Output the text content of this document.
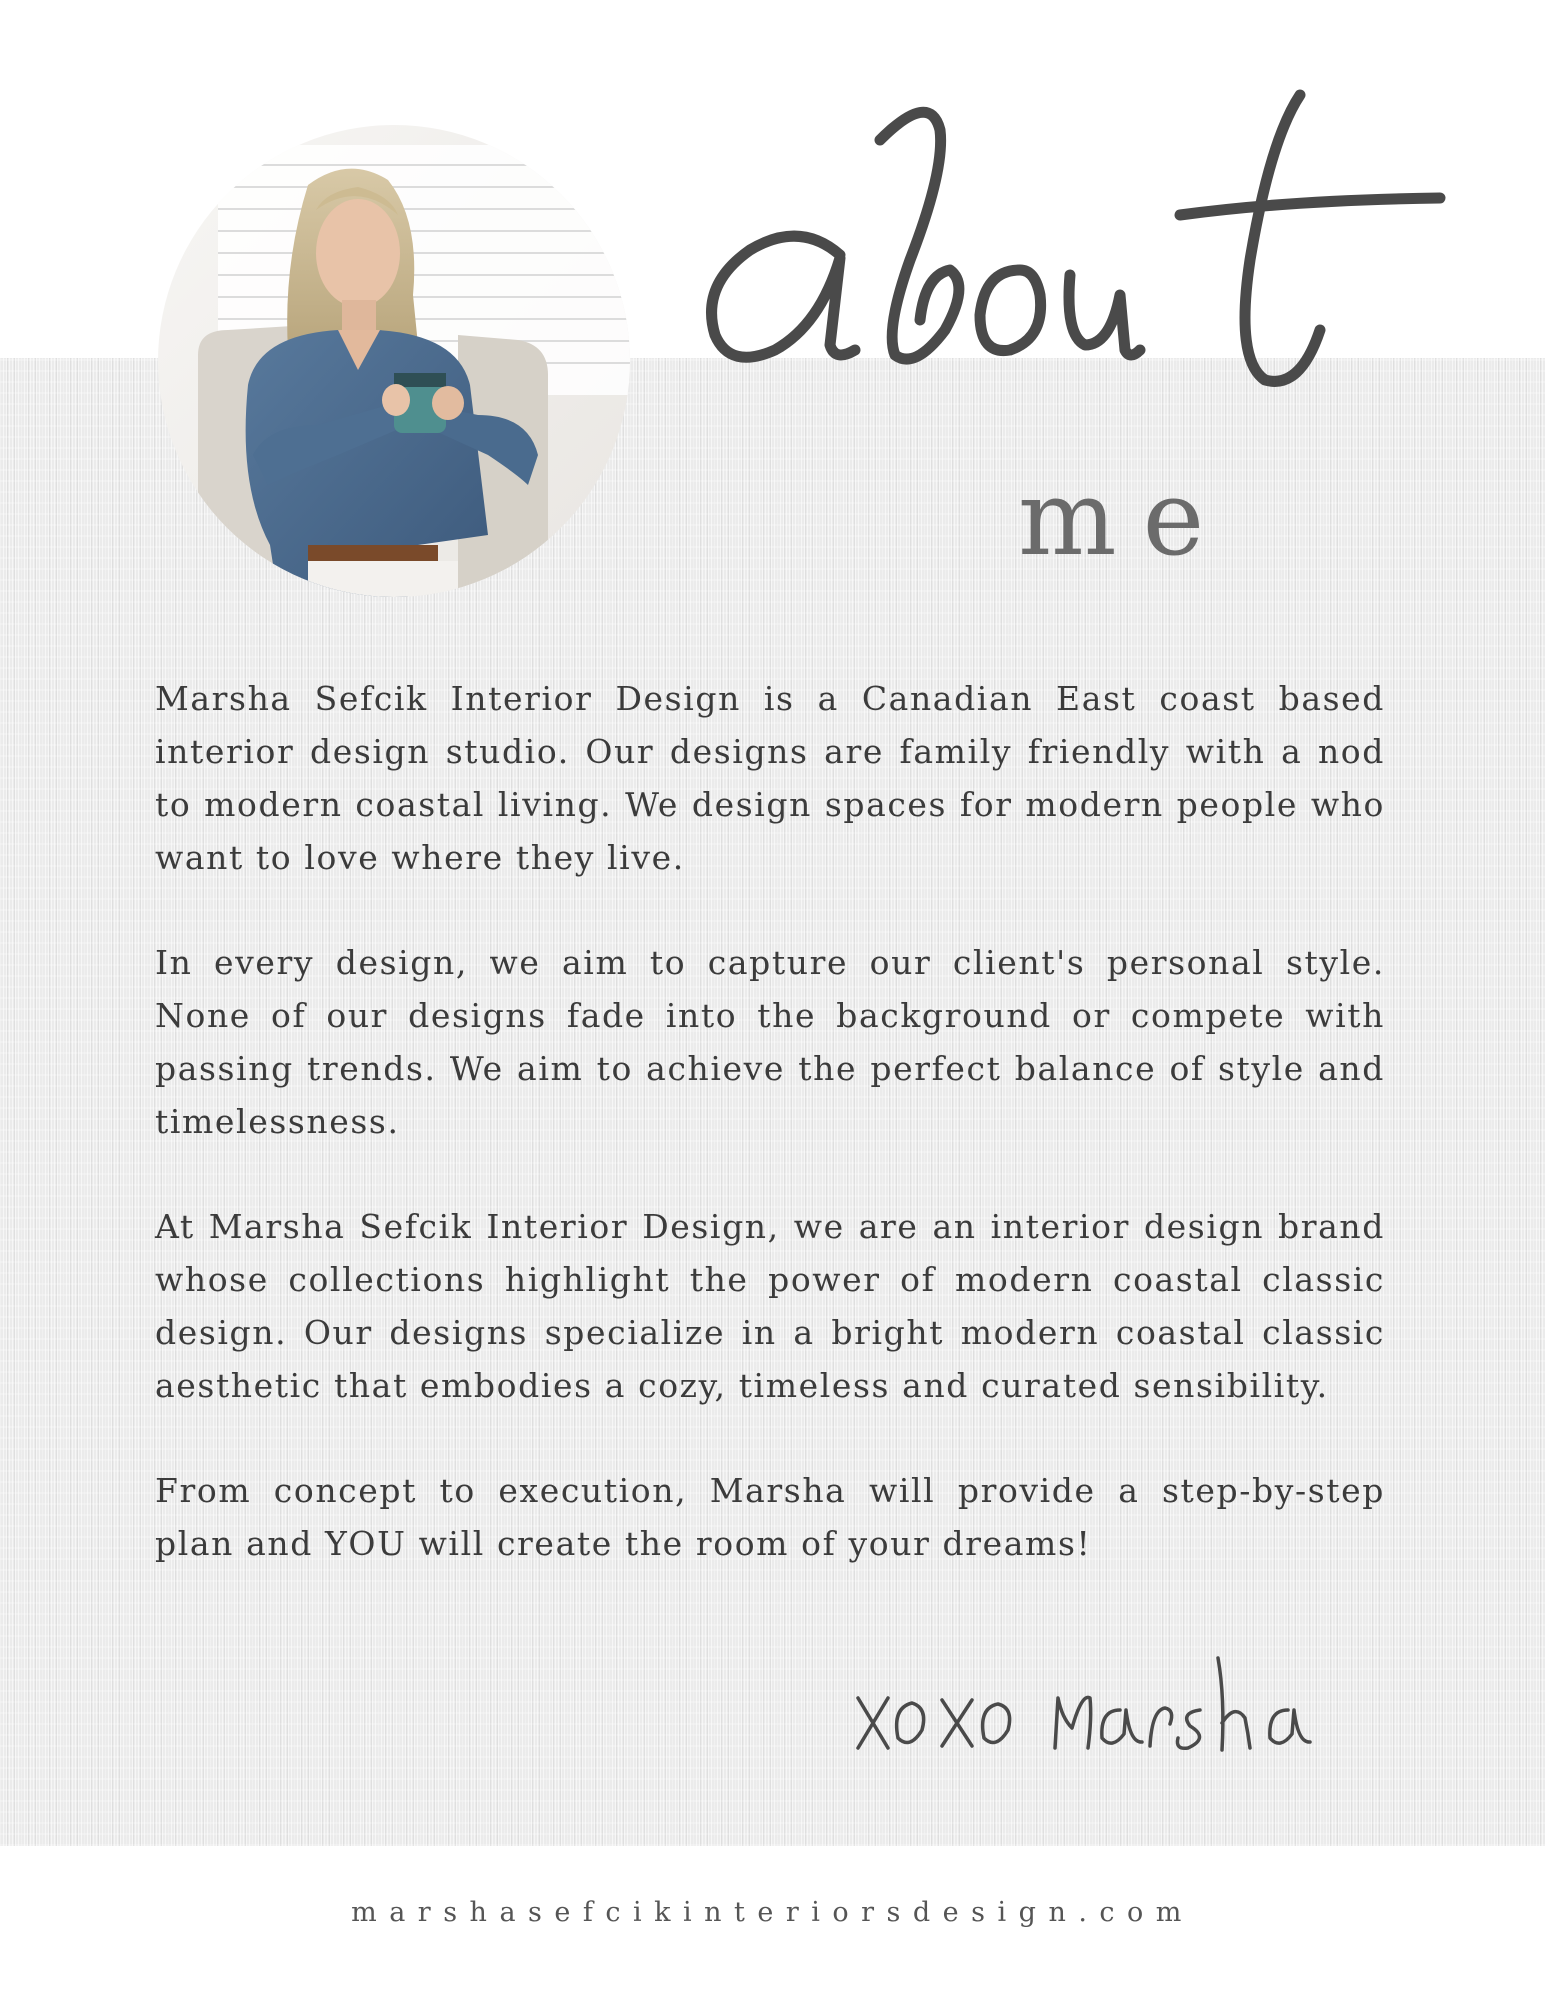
me

Marsha Sefcik Interior Design is a Canadian East coast based interior design studio. Our designs are family friendly with a nod to modern coastal living. We design spaces for modern people who want to love where they live.

In every design, we aim to capture our client's personal style. None of our designs fade into the background or compete with passing trends. We aim to achieve the perfect balance of style and timelessness.

At Marsha Sefcik Interior Design, we are an interior design brand whose collections highlight the power of modern coastal classic design. Our designs specialize in a bright modern coastal classic aesthetic that embodies a cozy, timeless and curated sensibility.

From concept to execution, Marsha will provide a step-by-step plan and YOU will create the room of your dreams!

marshasefcikinteriorsdesign.com
